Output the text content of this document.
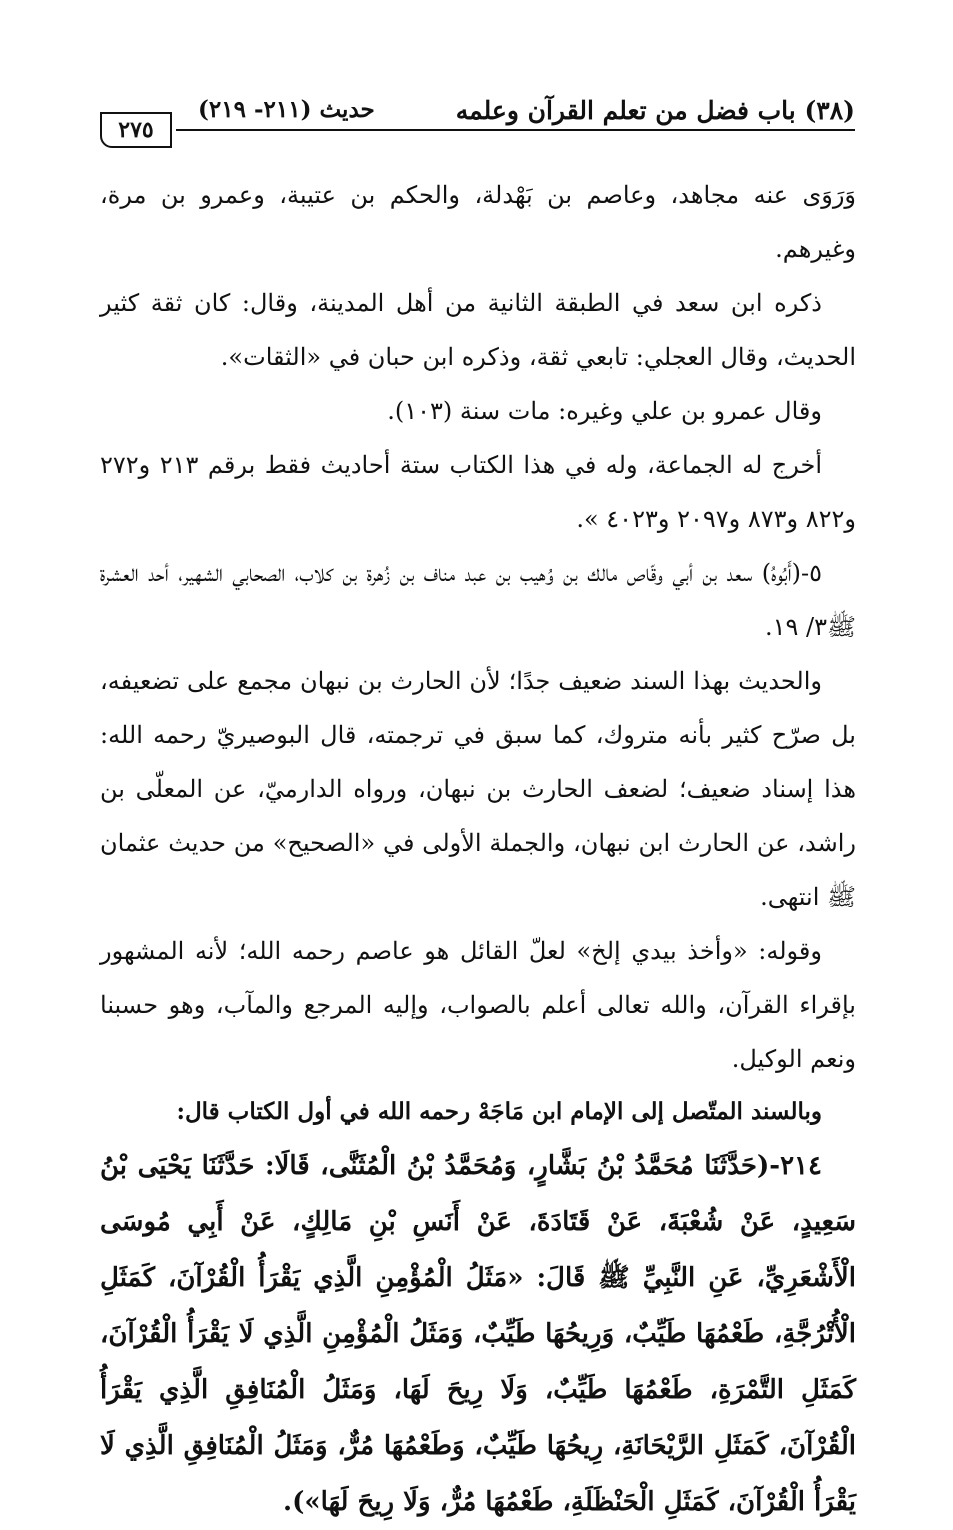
(٣٨) باب فضل من تعلم القرآن وعلمه
حديث (٢١١- ٢١٩)
٢٧٥

وَرَوَى عنه مجاهد، وعاصم بن بَهْدلة، والحكم بن عتيبة، وعمرو بن مرة، وغيرهم.

ذكره ابن سعد في الطبقة الثانية من أهل المدينة، وقال: كان ثقة كثير الحديث، وقال العجلي: تابعي ثقة، وذكره ابن حبان في «الثقات».

وقال عمرو بن علي وغيره: مات سنة (١٠٣).

أخرج له الجماعة، وله في هذا الكتاب ستة أحاديث فقط برقم ٢١٣ و٢٧٢ و٨٢٢ و٨٧٣ و٢٠٩٧ و٤٠٢٣ ».

٥-(أَبُوهُ) سعد بن أبي وقّاص مالك بن وُهيب بن عبد مناف بن زُهرة بن كلاب، الصحابي الشهير، أحد العشرة ﷺ٣/ ١٩.

والحديث بهذا السند ضعيف جدًا؛ لأن الحارث بن نبهان مجمع على تضعيفه، بل صرّح كثير بأنه متروك، كما سبق في ترجمته، قال البوصيريّ رحمه الله: هذا إسناد ضعيف؛ لضعف الحارث بن نبهان، ورواه الدارميّ، عن المعلّى بن راشد، عن الحارث ابن نبهان، والجملة الأولى في «الصحيح» من حديث عثمان ﷺ انتهى.

وقوله: «وأخذ بيدي إلخ» لعلّ القائل هو عاصم رحمه الله؛ لأنه المشهور بإقراء القرآن، والله تعالى أعلم بالصواب، وإليه المرجع والمآب، وهو حسبنا ونعم الوكيل.

وبالسند المتّصل إلى الإمام ابن مَاجَهْ رحمه الله في أول الكتاب قال:

٢١٤-(حَدَّثَنَا مُحَمَّدُ بْنُ بَشَّارٍ، وَمُحَمَّدُ بْنُ الْمُثَنَّى، قَالَا: حَدَّثَنَا يَحْيَى بْنُ سَعِيدٍ، عَنْ شُعْبَةَ، عَنْ قَتَادَةَ، عَنْ أَنَسِ بْنِ مَالِكٍ، عَنْ أَبِي مُوسَى الْأَشْعَرِيِّ، عَنِ النَّبِيِّ ﷺ قَالَ: «مَثَلُ الْمُؤْمِنِ الَّذِي يَقْرَأُ الْقُرْآنَ، كَمَثَلِ الْأُتْرُجَّةِ، طَعْمُهَا طَيِّبٌ، وَرِيحُهَا طَيِّبٌ، وَمَثَلُ الْمُؤْمِنِ الَّذِي لَا يَقْرَأُ الْقُرْآنَ، كَمَثَلِ التَّمْرَةِ، طَعْمُهَا طَيِّبٌ، وَلَا رِيحَ لَهَا، وَمَثَلُ الْمُنَافِقِ الَّذِي يَقْرَأُ الْقُرْآنَ، كَمَثَلِ الرَّيْحَانَةِ، رِيحُهَا طَيِّبٌ، وَطَعْمُهَا مُرٌّ، وَمَثَلُ الْمُنَافِقِ الَّذِي لَا يَقْرَأُ الْقُرْآنَ، كَمَثَلِ الْحَنْظَلَةِ، طَعْمُهَا مُرٌّ، وَلَا رِيحَ لَهَا»).
